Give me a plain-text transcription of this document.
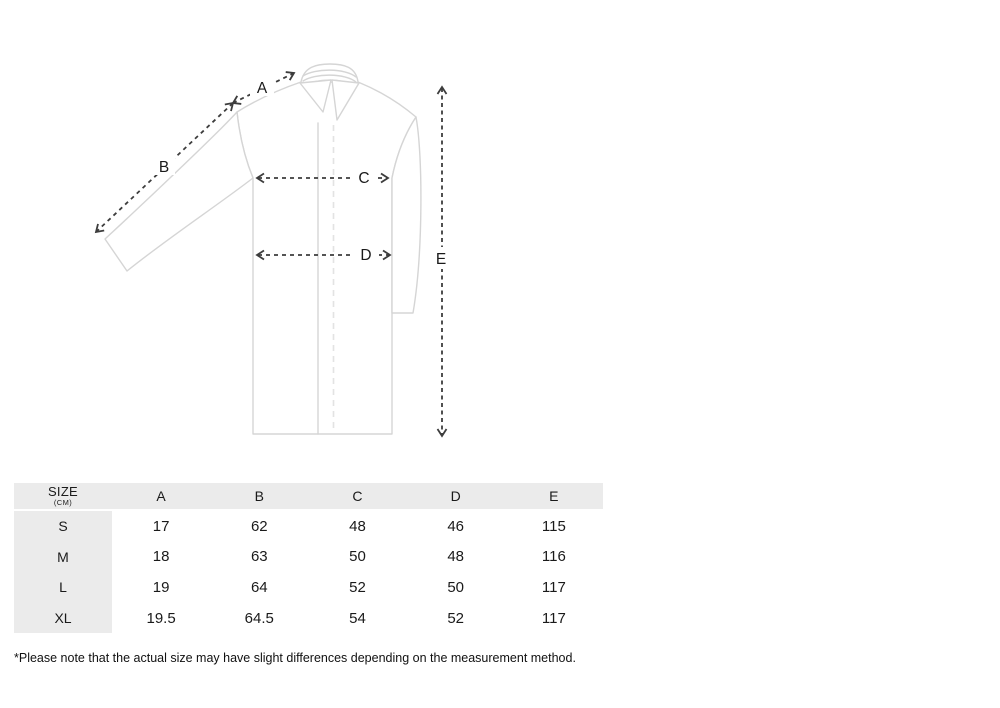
A
B
C
D	E
SIZE
(CM)	A	B	C	D	E
S	17	62	48	46	115
M	18	63	50	48	116
L	19	64	52	50	117
XL	19.5	64.5	54	52	117
*Please note that the actual size may have slight differences depending on the measurement method.
